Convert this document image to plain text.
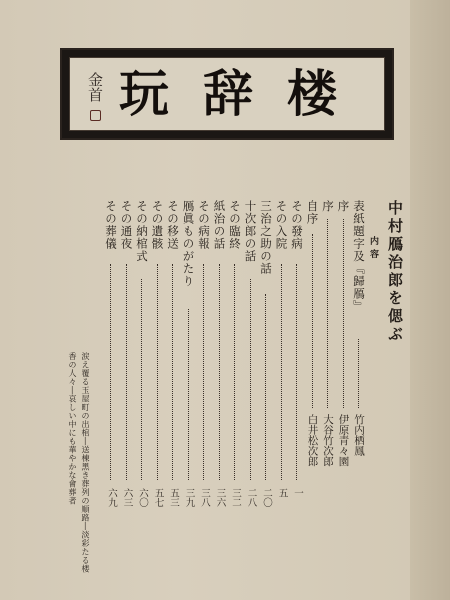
金首 玩辞楼
中村鴈治郎を偲ぶ
内容
表紙題字及『歸鴈』
竹内栖鳳
序
伊原青々園
序
大谷竹次郎
自序
白井松次郎
その發病
一
その入院
五
三治之助の話
二〇
十次郎の話
二八
その臨終
三二
紙治の話
三六
その病報
三八
鴈眞ものがたり
三九
その移送
五三
その遺骸
五七
その納棺式
六〇
その通夜
六三
その葬儀
六九
涙え覆る玉屋町の出棺―送棟黑き葬列の順路―淡彩たる楼
香の人々―哀しい中にも華やかな會葬者
